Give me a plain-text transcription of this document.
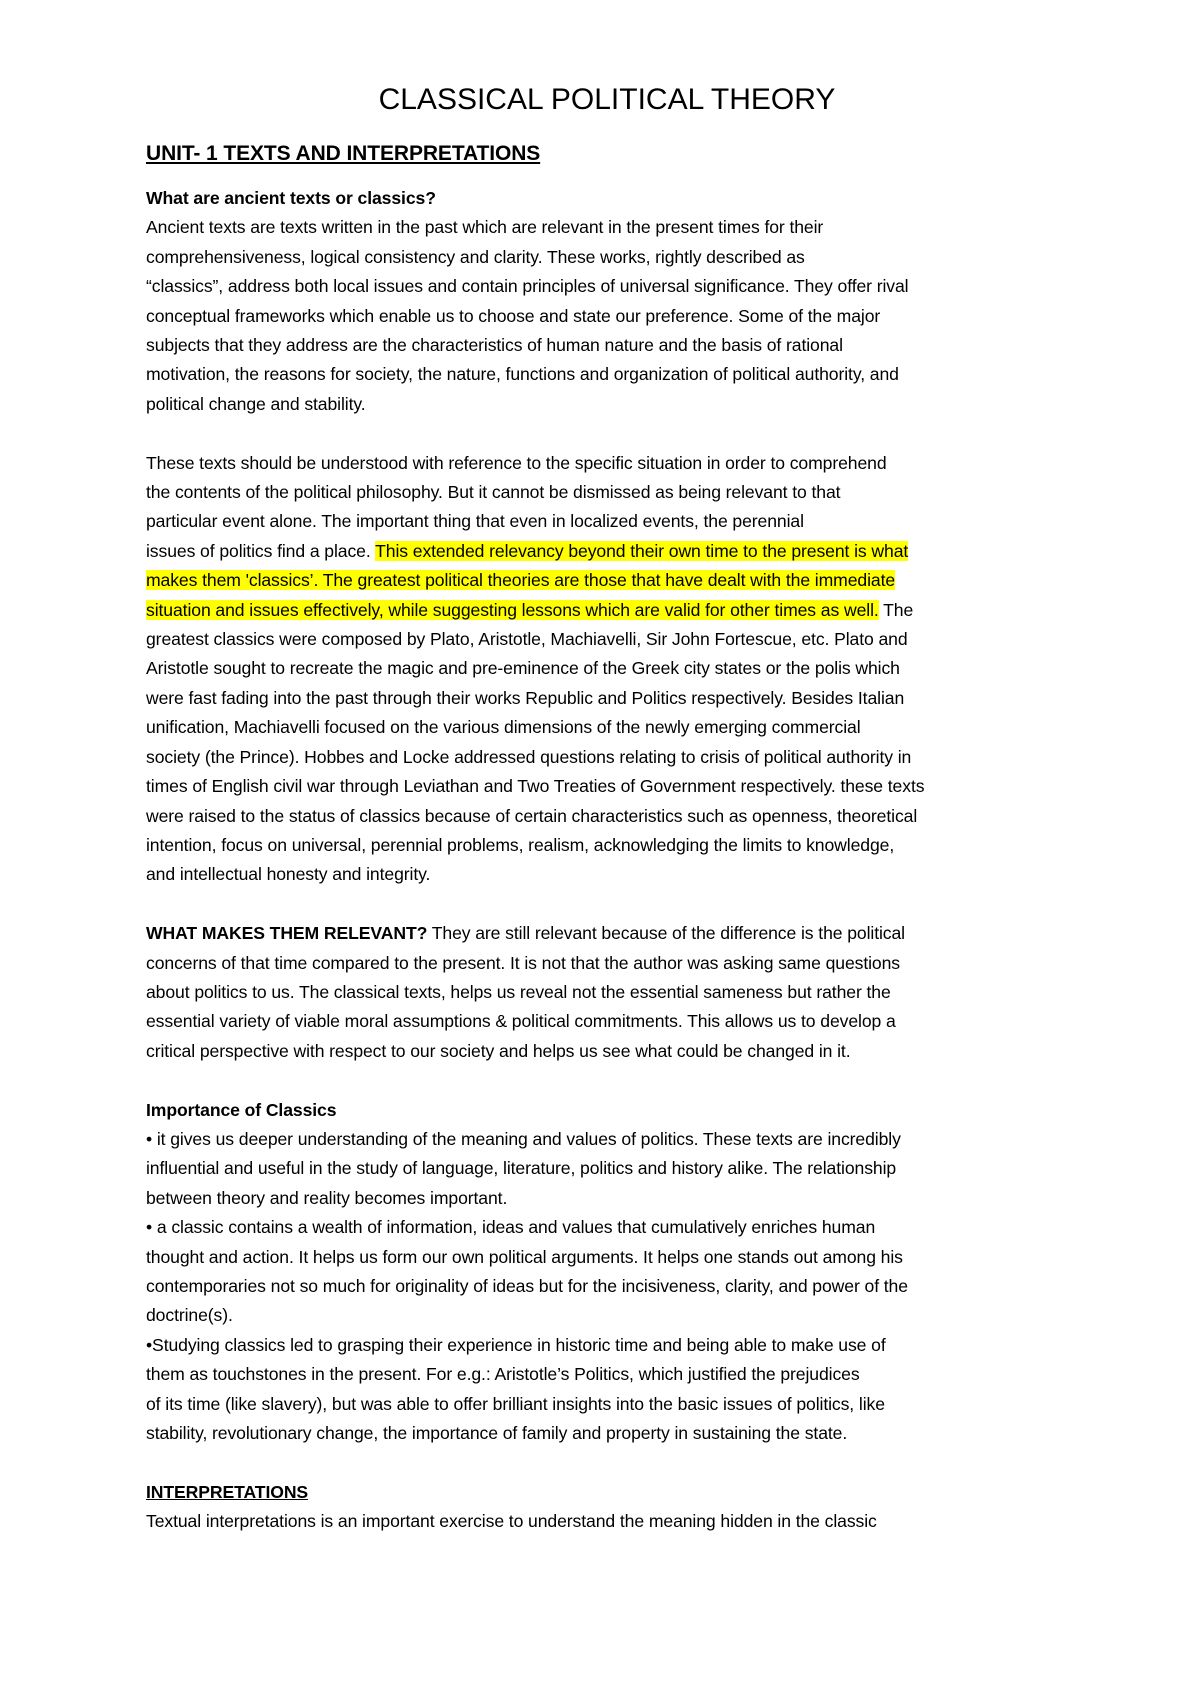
CLASSICAL POLITICAL THEORY
UNIT- 1 TEXTS AND INTERPRETATIONS
What are ancient texts or classics?
Ancient texts are texts written in the past which are relevant in the present times for their
comprehensiveness, logical consistency and clarity. These works, rightly described as
“classics”, address both local issues and contain principles of universal significance. They offer rival
conceptual frameworks which enable us to choose and state our preference. Some of the major
subjects that they address are the characteristics of human nature and the basis of rational
motivation, the reasons for society, the nature, functions and organization of political authority, and
political change and stability.
These texts should be understood with reference to the specific situation in order to comprehend
the contents of the political philosophy. But it cannot be dismissed as being relevant to that
particular event alone. The important thing that even in localized events, the perennial
issues of politics find a place. This extended relevancy beyond their own time to the present is what
makes them 'classics’. The greatest political theories are those that have dealt with the immediate
situation and issues effectively, while suggesting lessons which are valid for other times as well. The
greatest classics were composed by Plato, Aristotle, Machiavelli, Sir John Fortescue, etc. Plato and
Aristotle sought to recreate the magic and pre-eminence of the Greek city states or the polis which
were fast fading into the past through their works Republic and Politics respectively. Besides Italian
unification, Machiavelli focused on the various dimensions of the newly emerging commercial
society (the Prince). Hobbes and Locke addressed questions relating to crisis of political authority in
times of English civil war through Leviathan and Two Treaties of Government respectively. these texts
were raised to the status of classics because of certain characteristics such as openness, theoretical
intention, focus on universal, perennial problems, realism, acknowledging the limits to knowledge,
and intellectual honesty and integrity.
WHAT MAKES THEM RELEVANT? They are still relevant because of the difference is the political
concerns of that time compared to the present. It is not that the author was asking same questions
about politics to us. The classical texts, helps us reveal not the essential sameness but rather the
essential variety of viable moral assumptions & political commitments. This allows us to develop a
critical perspective with respect to our society and helps us see what could be changed in it.
Importance of Classics
• it gives us deeper understanding of the meaning and values of politics. These texts are incredibly
influential and useful in the study of language, literature, politics and history alike. The relationship
between theory and reality becomes important.
• a classic contains a wealth of information, ideas and values that cumulatively enriches human
thought and action. It helps us form our own political arguments. It helps one stands out among his
contemporaries not so much for originality of ideas but for the incisiveness, clarity, and power of the
doctrine(s).
•Studying classics led to grasping their experience in historic time and being able to make use of
them as touchstones in the present. For e.g.: Aristotle’s Politics, which justified the prejudices
of its time (like slavery), but was able to offer brilliant insights into the basic issues of politics, like
stability, revolutionary change, the importance of family and property in sustaining the state.
INTERPRETATIONS
Textual interpretations is an important exercise to understand the meaning hidden in the classic
